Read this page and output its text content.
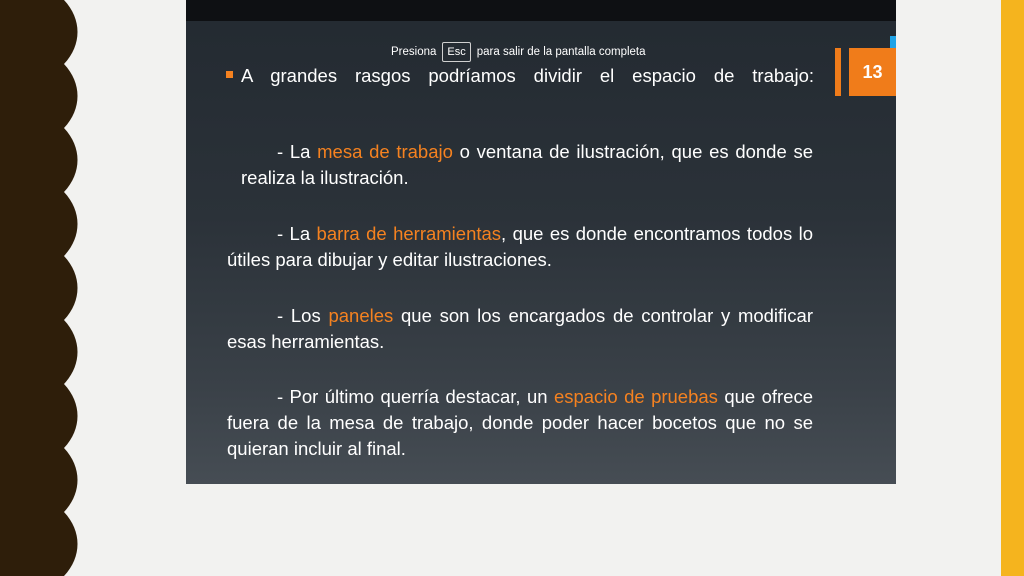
Presiona	Esc para salir de la pantalla completa
13
A grandes rasgos podríamos dividir el espacio de trabajo:
- La mesa de trabajo o ventana de ilustración, que es donde se realiza la ilustración.
- La barra de herramientas, que es donde encontramos todos lo útiles para dibujar y editar ilustraciones.
- Los paneles que son los encargados de controlar y modificar esas herramientas.
- Por último querría destacar, un espacio de pruebas que ofrece fuera de la mesa de trabajo, donde poder hacer bocetos que no se quieran incluir al final.
